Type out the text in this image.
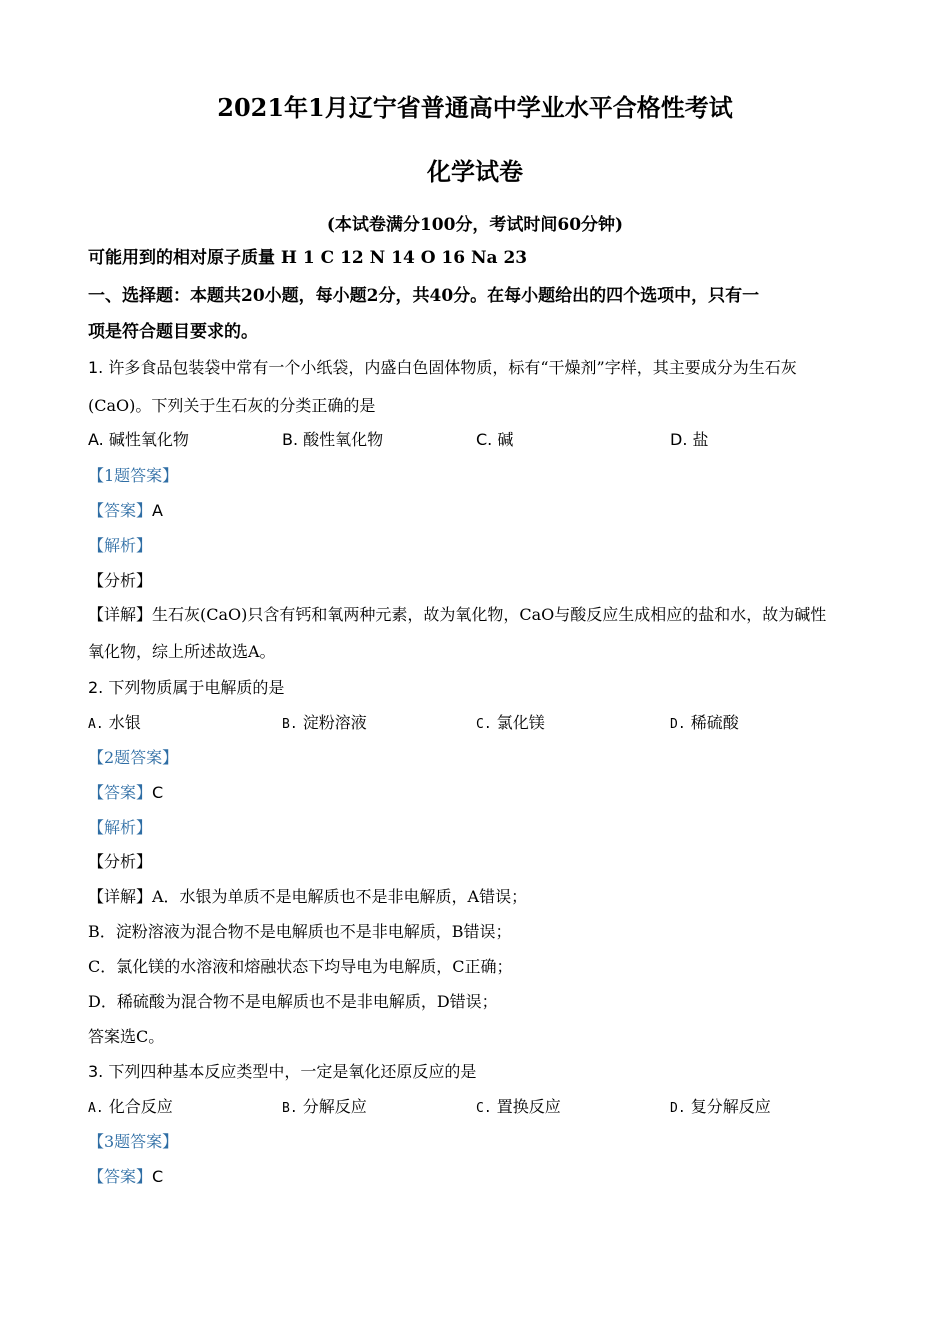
2021年1月辽宁省普通高中学业水平合格性考试
化学试卷
(本试卷满分100分，考试时间60分钟)
可能用到的相对原子质量 H 1 C 12 N 14 O 16 Na 23
一、选择题：本题共20小题，每小题2分，共40分。在每小题给出的四个选项中，只有一
项是符合题目要求的。
1. 许多食品包装袋中常有一个小纸袋，内盛白色固体物质，标有“干燥剂”字样，其主要成分为生石灰
(CaO)。下列关于生石灰的分类正确的是
A. 碱性氧化物	B. 酸性氧化物	C. 碱	D. 盐
【1题答案】
【答案】A
【解析】
【分析】
【详解】生石灰(CaO)只含有钙和氧两种元素，故为氧化物，CaO与酸反应生成相应的盐和水，故为碱性
氧化物，综上所述故选A。
2. 下列物质属于电解质的是
A. 水银	B. 淀粉溶液	C. 氯化镁	D. 稀硫酸
【2题答案】
【答案】C
【解析】
【分析】
【详解】A．水银为单质不是电解质也不是非电解质，A错误；
B．淀粉溶液为混合物不是电解质也不是非电解质，B错误；
C．氯化镁的水溶液和熔融状态下均导电为电解质，C正确；
D．稀硫酸为混合物不是电解质也不是非电解质，D错误；
答案选C。
3. 下列四种基本反应类型中，一定是氧化还原反应的是
A. 化合反应	B. 分解反应	C. 置换反应	D. 复分解反应
【3题答案】
【答案】C
